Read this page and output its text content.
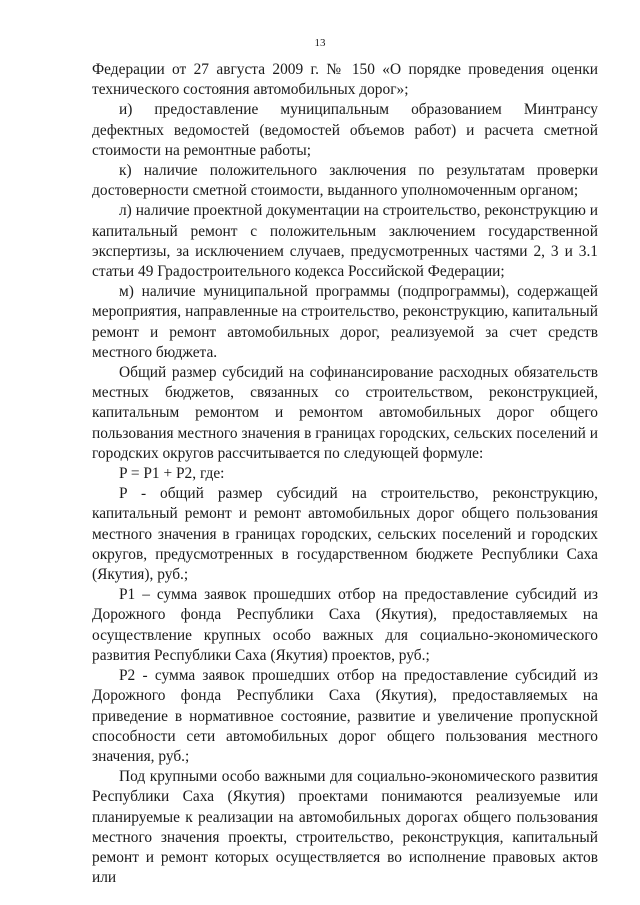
13

Федерации от 27 августа 2009 г. № 150 «О порядке проведения оценки технического состояния автомобильных дорог»;

и) предоставление муниципальным образованием Минтрансу дефектных ведомостей (ведомостей объемов работ) и расчета сметной стоимости на ремонтные работы;

к) наличие положительного заключения по результатам проверки достоверности сметной стоимости, выданного уполномоченным органом;

л) наличие проектной документации на строительство, реконструкцию и капитальный ремонт с положительным заключением государственной экспертизы, за исключением случаев, предусмотренных частями 2, 3 и 3.1 статьи 49 Градостроительного кодекса Российской Федерации;

м) наличие муниципальной программы (подпрограммы), содержащей мероприятия, направленные на строительство, реконструкцию, капитальный ремонт и ремонт автомобильных дорог, реализуемой за счет средств местного бюджета.

Общий размер субсидий на софинансирование расходных обязательств местных бюджетов, связанных со строительством, реконструкцией, капитальным ремонтом и ремонтом автомобильных дорог общего пользования местного значения в границах городских, сельских поселений и городских округов рассчитывается по следующей формуле:

P = P1 + P2, где:

P - общий размер субсидий на строительство, реконструкцию, капитальный ремонт и ремонт автомобильных дорог общего пользования местного значения в границах городских, сельских поселений и городских округов, предусмотренных в государственном бюджете Республики Саха (Якутия), руб.;

P1 – сумма заявок прошедших отбор на предоставление субсидий из Дорожного фонда Республики Саха (Якутия), предоставляемых на осуществление крупных особо важных для социально-экономического развития Республики Саха (Якутия) проектов, руб.;

P2 - сумма заявок прошедших отбор на предоставление субсидий из Дорожного фонда Республики Саха (Якутия), предоставляемых на приведение в нормативное состояние, развитие и увеличение пропускной способности сети автомобильных дорог общего пользования местного значения, руб.;

Под крупными особо важными для социально-экономического развития Республики Саха (Якутия) проектами понимаются реализуемые или планируемые к реализации на автомобильных дорогах общего пользования местного значения проекты, строительство, реконструкция, капитальный ремонт и ремонт которых осуществляется во исполнение правовых актов или
